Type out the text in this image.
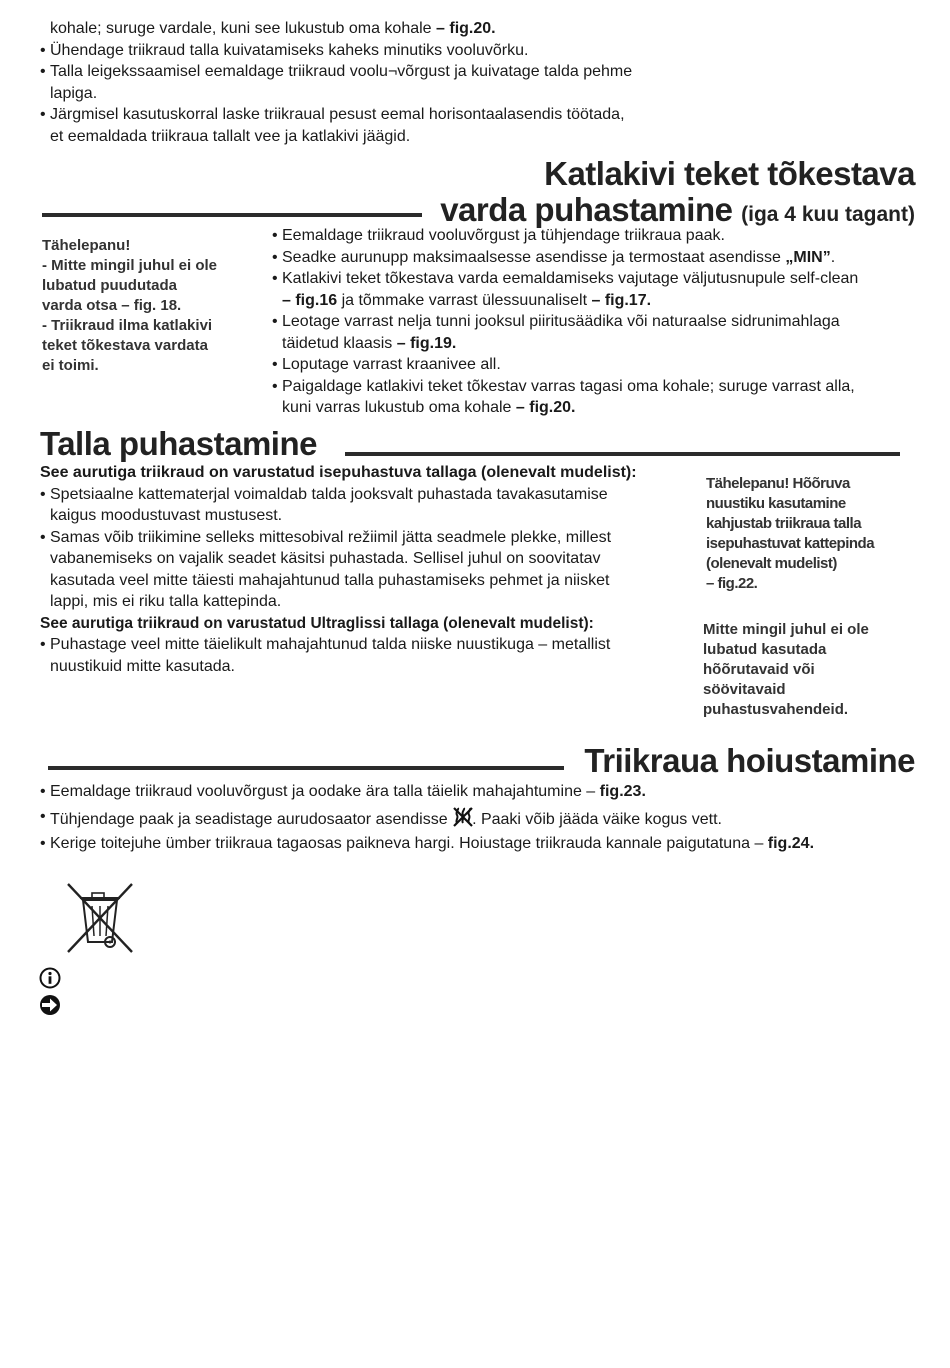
kohale; suruge vardale, kuni see lukustub oma kohale – fig.20.
• Ühendage triikraud talla kuivatamiseks kaheks minutiks vooluvõrku.
• Talla leigekssaamisel eemaldage triikraud voolu¬võrgust ja kuivatage talda pehme
lapiga.
• Järgmisel kasutuskorral laske triikraual pesust eemal horisontaalasendis töötada,
et eemaldada triikraua tallalt vee ja katlakivi jäägid.
Katlakivi teket tõkestava
varda puhastamine (iga 4 kuu tagant)
Tähelepanu!
- Mitte mingil juhul ei ole
lubatud puudutada
varda otsa – fig. 18.
- Triikraud ilma katlakivi
teket tõkestava vardata
ei toimi.
• Eemaldage triikraud vooluvõrgust ja tühjendage triikraua paak.
• Seadke aurunupp maksimaalsesse asendisse ja termostaat asendisse „MIN”.
• Katlakivi teket tõkestava varda eemaldamiseks vajutage väljutusnupule self-clean
– fig.16 ja tõmmake varrast ülessuunaliselt – fig.17.
• Leotage varrast nelja tunni jooksul piiritusäädika või naturaalse sidrunimahlaga
täidetud klaasis – fig.19.
• Loputage varrast kraanivee all.
• Paigaldage katlakivi teket tõkestav varras tagasi oma kohale; suruge varrast alla,
kuni varras lukustub oma kohale – fig.20.
Talla puhastamine
See aurutiga triikraud on varustatud isepuhastuva tallaga (olenevalt mudelist):
• Spetsiaalne kattematerjal voimaldab talda jooksvalt puhastada tavakasutamise
kaigus moodustuvast mustusest.
• Samas võib triikimine selleks mittesobival režiimil jätta seadmele plekke, millest
vabanemiseks on vajalik seadet käsitsi puhastada. Sellisel juhul on soovitatav
kasutada veel mitte täiesti mahajahtunud talla puhastamiseks pehmet ja niisket
lappi, mis ei riku talla kattepinda.
See aurutiga triikraud on varustatud Ultraglissi tallaga (olenevalt mudelist):
• Puhastage veel mitte täielikult mahajahtunud talda niiske nuustikuga – metallist
nuustikuid mitte kasutada.
Tähelepanu! Hõõruva
nuustiku kasutamine
kahjustab triikraua talla
isepuhastuvat kattepinda
(olenevalt mudelist)
– fig.22.
Mitte mingil juhul ei ole
lubatud kasutada
hõõrutavaid või
söövitavaid
puhastusvahendeid.
Triikraua hoiustamine
• Eemaldage triikraud vooluvõrgust ja oodake ära talla täielik mahajahtumine – fig.23.
• Tühjendage paak ja seadistage aurudosaator asendisse . Paaki võib jääda väike kogus vett.
• Kerige toitejuhe ümber triikraua tagaosas paikneva hargi. Hoiustage triikrauda kannale paigutatuna – fig.24.
